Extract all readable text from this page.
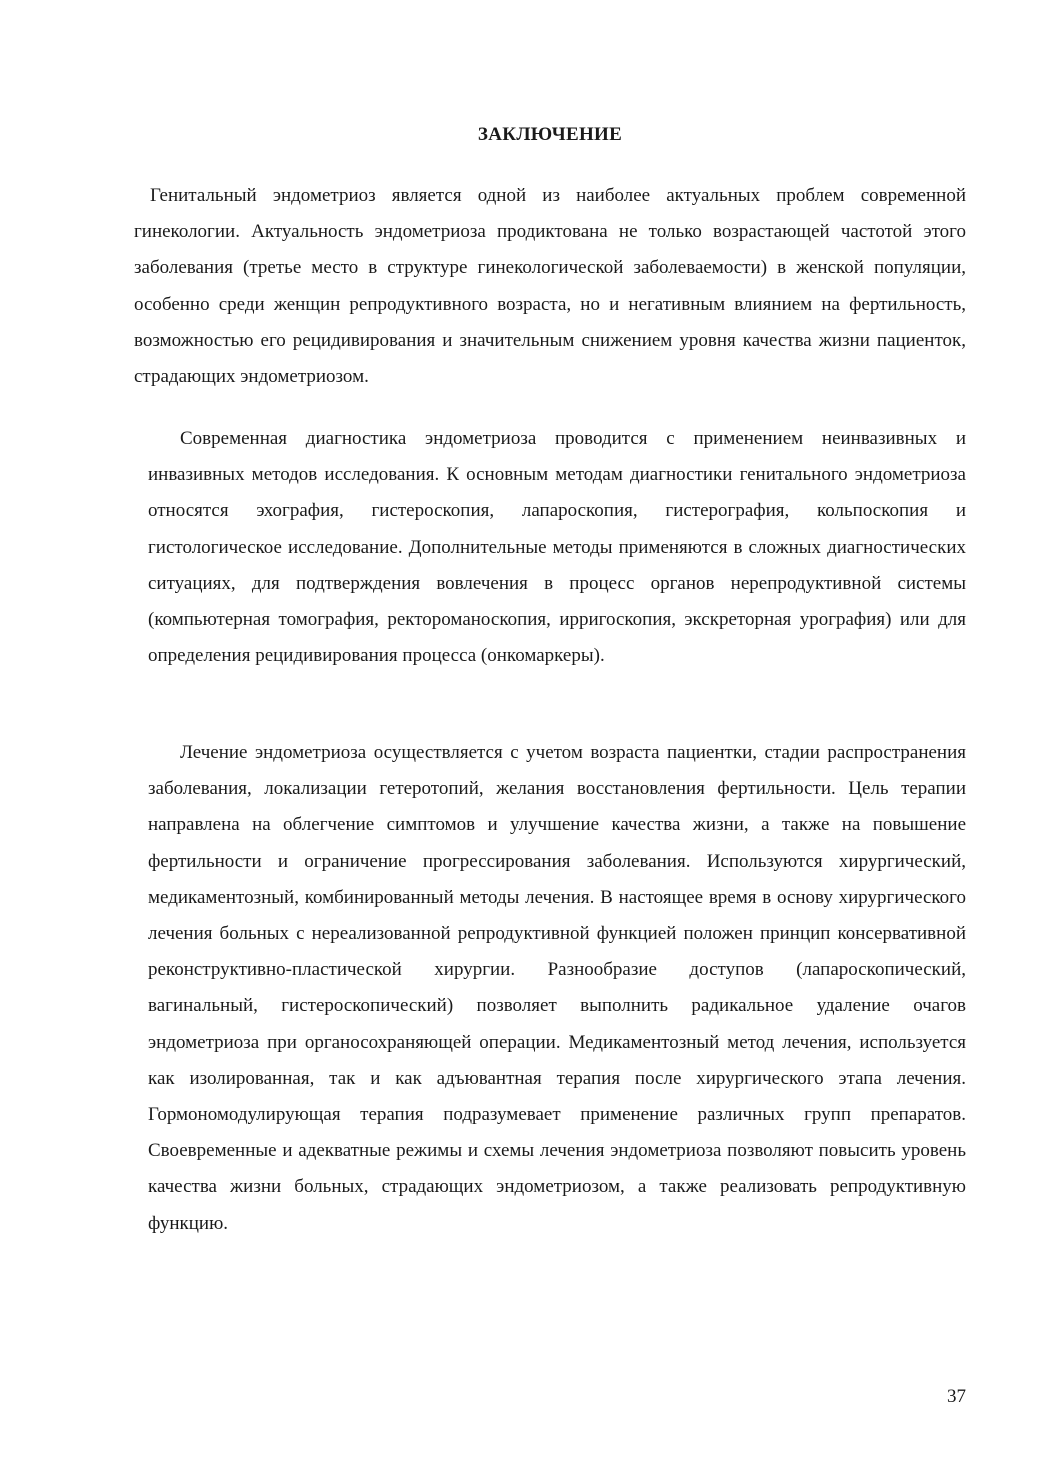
ЗАКЛЮЧЕНИЕ

Генитальный эндометриоз является одной из наиболее актуальных проблем современной гинекологии. Актуальность эндометриоза продиктована не только возрастающей частотой этого заболевания (третье место в структуре гинекологической заболеваемости) в женской популяции, особенно среди женщин репродуктивного возраста, но и негативным влиянием на фертильность, возможностью его рецидивирования и значительным снижением уровня качества жизни пациенток, страдающих эндометриозом.

Современная диагностика эндометриоза проводится с применением неинвазивных и инвазивных методов исследования. К основным методам диагностики генитального эндометриоза относятся эхография, гистероскопия, лапароскопия, гистерография, кольпоскопия и гистологическое исследование. Дополнительные методы применяются в сложных диагностических ситуациях, для подтверждения вовлечения в процесс органов нерепродуктивной системы (компьютерная томография, ректороманоскопия, ирригоскопия, экскреторная урография) или для определения рецидивирования процесса (онкомаркеры).

Лечение эндометриоза осуществляется с учетом возраста пациентки, стадии распространения заболевания, локализации гетеротопий, желания восстановления фертильности. Цель терапии направлена на облегчение симптомов и улучшение качества жизни, а также на повышение фертильности и ограничение прогрессирования заболевания. Используются хирургический, медикаментозный, комбинированный методы лечения. В настоящее время в основу хирургического лечения больных с нереализованной репродуктивной функцией положен принцип консервативной реконструктивно-пластической хирургии. Разнообразие доступов (лапароскопический, вагинальный, гистероскопический) позволяет выполнить радикальное удаление очагов эндометриоза при органосохраняющей операции. Медикаментозный метод лечения, используется как изолированная, так и как адъювантная терапия после хирургического этапа лечения. Гормономодулирующая терапия подразумевает применение различных групп препаратов. Своевременные и адекватные режимы и схемы лечения эндометриоза позволяют повысить уровень качества жизни больных, страдающих эндометриозом, а также реализовать репродуктивную функцию.

37
